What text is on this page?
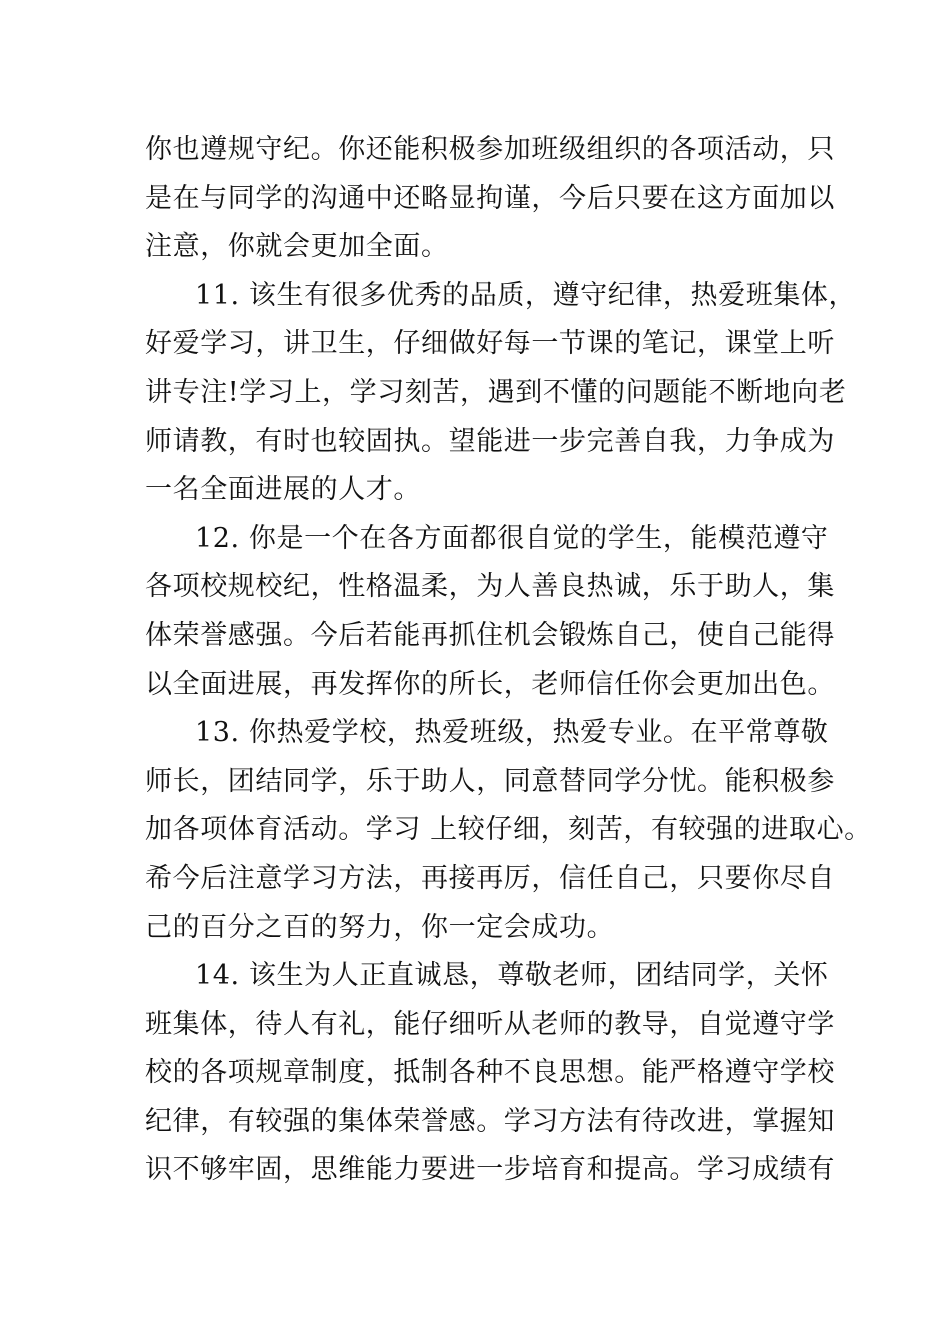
你也遵规守纪。你还能积极参加班级组织的各项活动，只
是在与同学的沟通中还略显拘谨，今后只要在这方面加以
注意，你就会更加全面。
11. 该生有很多优秀的品质，遵守纪律，热爱班集体，
好爱学习，讲卫生，仔细做好每一节课的笔记，课堂上听
讲专注!学习上，学习刻苦，遇到不懂的问题能不断地向老
师请教，有时也较固执。望能进一步完善自我，力争成为
一名全面进展的人才。
12. 你是一个在各方面都很自觉的学生，能模范遵守
各项校规校纪，性格温柔，为人善良热诚，乐于助人，集
体荣誉感强。今后若能再抓住机会锻炼自己，使自己能得
以全面进展，再发挥你的所长，老师信任你会更加出色。
13. 你热爱学校，热爱班级，热爱专业。在平常尊敬
师长，团结同学，乐于助人，同意替同学分忧。能积极参
加各项体育活动。学习 上较仔细，刻苦，有较强的进取心。
希今后注意学习方法，再接再厉，信任自己，只要你尽自
己的百分之百的努力，你一定会成功。
14. 该生为人正直诚恳，尊敬老师，团结同学，关怀
班集体，待人有礼，能仔细听从老师的教导，自觉遵守学
校的各项规章制度，抵制各种不良思想。能严格遵守学校
纪律，有较强的集体荣誉感。学习方法有待改进，掌握知
识不够牢固，思维能力要进一步培育和提高。学习成绩有
